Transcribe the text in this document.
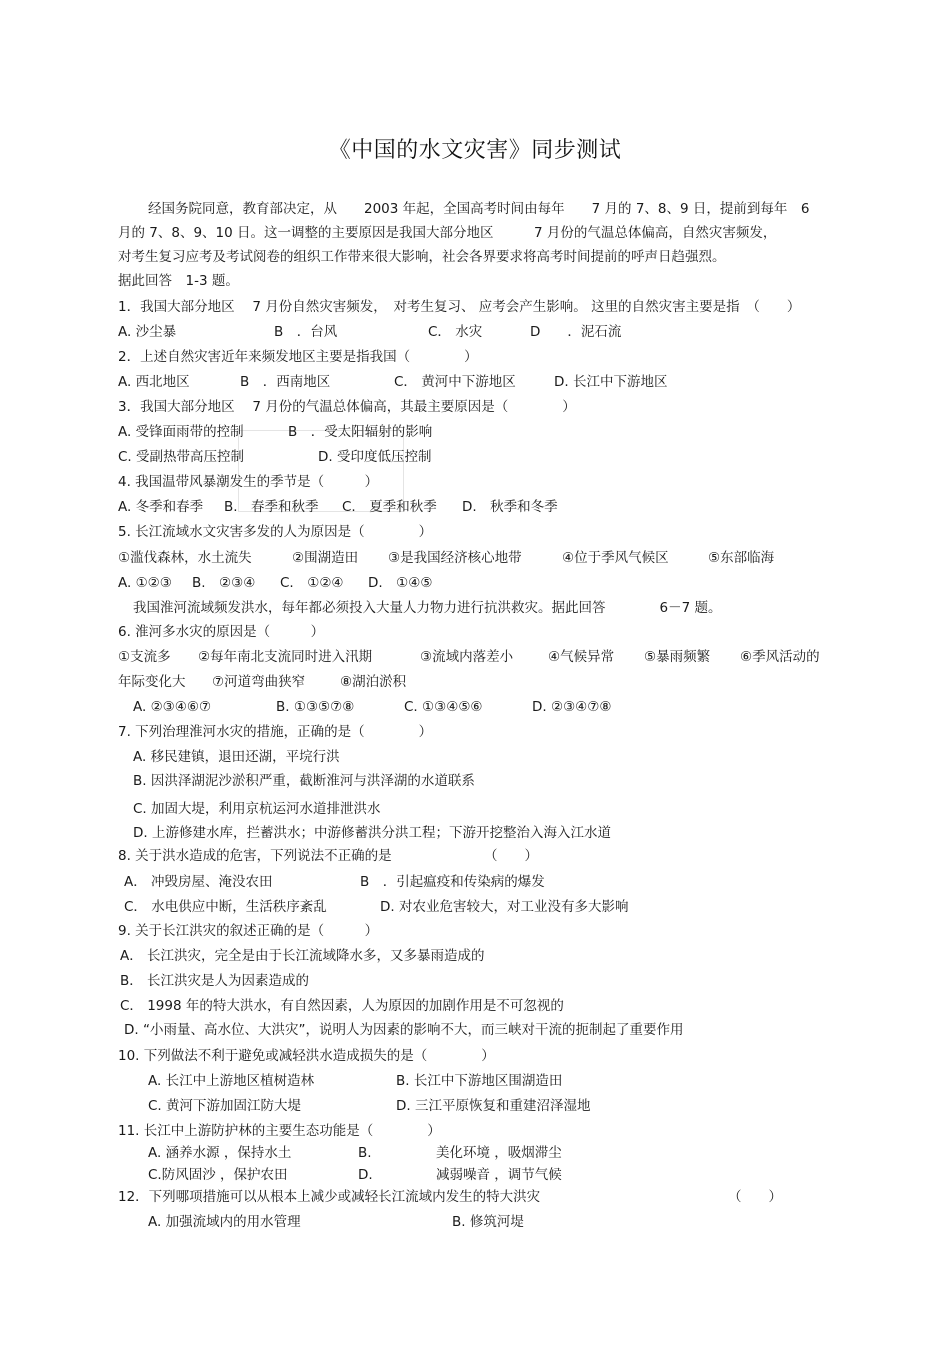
《中国的水文灾害》同步测试
经国务院同意，教育部决定，从　　2003 年起，全国高考时间由每年　　7 月的 7、8、9 日，提前到每年　6
月的 7、8、9、10 日。这一调整的主要原因是我国大部分地区　　　7 月份的气温总体偏高，自然灾害频发，
对考生复习应考及考试阅卷的组织工作带来很大影响，社会各界要求将高考时间提前的呼声日趋强烈。
据此回答　1-3 题。
1．我国大部分地区　 7 月份自然灾害频发，　对考生复习、 应考会产生影响。 这里的自然灾害主要是指　（　　）
A. 沙尘暴	B　．台风	C． 水灾	D　　．泥石流
2．上述自然灾害近年来频发地区主要是指我国（　　　　）
A. 西北地区	B　．西南地区	C． 黄河中下游地区	D. 长江中下游地区
3．我国大部分地区　 7 月份的气温总体偏高，其最主要原因是（　　　　）
A. 受锋面雨带的控制	B　．受太阳辐射的影响
C. 受副热带高压控制	D. 受印度低压控制
4. 我国温带风暴潮发生的季节是（　　　）
A. 冬季和春季 B.　春季和秋季 C.　夏季和秋季 D.　秋季和冬季
5. 长江流域水文灾害多发的人为原因是（　　　　）
①滥伐森林，水土流失	②围湖造田 ③是我国经济核心地带	④位于季风气候区	⑤东部临海
A. ①②③ B.　②③④ C.　①②④ D.　①④⑤
我国淮河流域频发洪水，每年都必须投入大量人力物力进行抗洪救灾。据此回答　　　　6－7 题。
6. 淮河多水灾的原因是（　　　）
①支流多 ②每年南北支流同时进入汛期	③流域内落差小	④气候异常 ⑤暴雨频繁 ⑥季风活动的
年际变化大 ⑦河道弯曲狭窄	⑧湖泊淤积
A. ②③④⑥⑦	B. ①③⑤⑦⑧	C. ①③④⑤⑥	D. ②③④⑦⑧
7. 下列治理淮河水灾的措施，正确的是（　　　　）
A. 移民建镇，退田还湖，平垸行洪
B. 因洪泽湖泥沙淤积严重，截断淮河与洪泽湖的水道联系
C. 加固大堤，利用京杭运河水道排泄洪水
D. 上游修建水库，拦蓄洪水；中游修蓄洪分洪工程；下游开挖整治入海入江水道
8. 关于洪水造成的危害，下列说法不正确的是	（　　）
A． 冲毁房屋、淹没农田	B　．引起瘟疫和传染病的爆发
C． 水电供应中断，生活秩序紊乱	D. 对农业危害较大，对工业没有多大影响
9. 关于长江洪灾的叙述正确的是（　　　）
A． 长江洪灾，完全是由于长江流域降水多，又多暴雨造成的
B． 长江洪灾是人为因素造成的
C． 1998 年的特大洪水，有自然因素，人为原因的加剧作用是不可忽视的
D. “小雨量、高水位、大洪灾”，说明人为因素的影响不大，而三峡对干流的扼制起了重要作用
10. 下列做法不利于避免或减轻洪水造成损失的是（　　　　）
A. 长江中上游地区植树造林	B. 长江中下游地区围湖造田
C. 黄河下游加固江防大堤	D. 三江平原恢复和重建沼泽湿地
11. 长江中上游防护林的主要生态功能是（　　　　）
A. 涵养水源 ，保持水土	B.	美化环境 ，吸烟滞尘
C.防风固沙 ，保护农田	D.	减弱噪音 ，调节气候
12．下列哪项措施可以从根本上减少或减轻长江流域内发生的特大洪灾	（　　）
A. 加强流域内的用水管理	B. 修筑河堤
